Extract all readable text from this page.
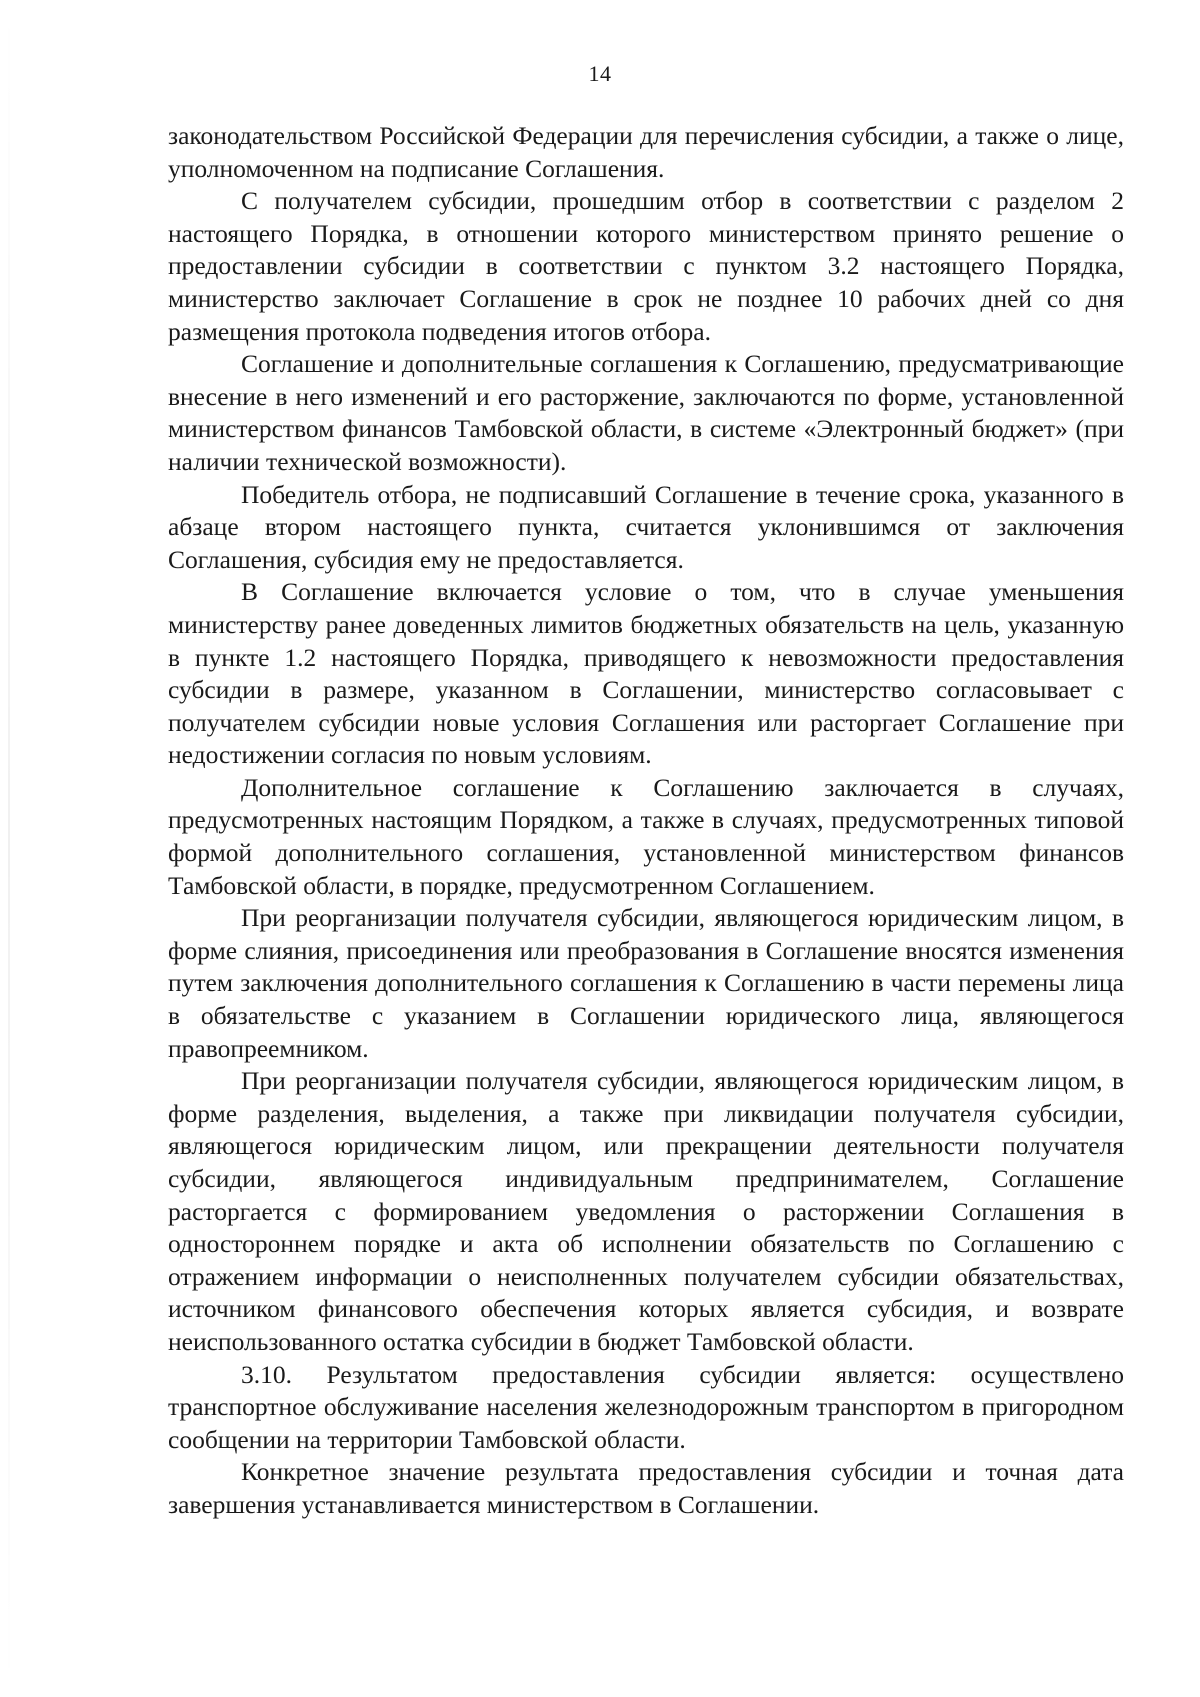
14

законодательством Российской Федерации для перечисления субсидии, а также о лице, уполномоченном на подписание Соглашения.

С получателем субсидии, прошедшим отбор в соответствии с разделом 2 настоящего Порядка, в отношении которого министерством принято решение о предоставлении субсидии в соответствии с пунктом 3.2 настоящего Порядка, министерство заключает Соглашение в срок не позднее 10 рабочих дней со дня размещения протокола подведения итогов отбора.

Соглашение и дополнительные соглашения к Соглашению, предусматривающие внесение в него изменений и его расторжение, заключаются по форме, установленной министерством финансов Тамбовской области, в системе «Электронный бюджет» (при наличии технической возможности).

Победитель отбора, не подписавший Соглашение в течение срока, указанного в абзаце втором настоящего пункта, считается уклонившимся от заключения Соглашения, субсидия ему не предоставляется.

В Соглашение включается условие о том, что в случае уменьшения министерству ранее доведенных лимитов бюджетных обязательств на цель, указанную в пункте 1.2 настоящего Порядка, приводящего к невозможности предоставления субсидии в размере, указанном в Соглашении, министерство согласовывает с получателем субсидии новые условия Соглашения или расторгает Соглашение при недостижении согласия по новым условиям.

Дополнительное соглашение к Соглашению заключается в случаях, предусмотренных настоящим Порядком, а также в случаях, предусмотренных типовой формой дополнительного соглашения, установленной министерством финансов Тамбовской области, в порядке, предусмотренном Соглашением.

При реорганизации получателя субсидии, являющегося юридическим лицом, в форме слияния, присоединения или преобразования в Соглашение вносятся изменения путем заключения дополнительного соглашения к Соглашению в части перемены лица в обязательстве с указанием в Соглашении юридического лица, являющегося правопреемником.

При реорганизации получателя субсидии, являющегося юридическим лицом, в форме разделения, выделения, а также при ликвидации получателя субсидии, являющегося юридическим лицом, или прекращении деятельности получателя субсидии, являющегося индивидуальным предпринимателем, Соглашение расторгается с формированием уведомления о расторжении Соглашения в одностороннем порядке и акта об исполнении обязательств по Соглашению с отражением информации о неисполненных получателем субсидии обязательствах, источником финансового обеспечения которых является субсидия, и возврате неиспользованного остатка субсидии в бюджет Тамбовской области.

3.10. Результатом предоставления субсидии является: осуществлено транспортное обслуживание населения железнодорожным транспортом в пригородном сообщении на территории Тамбовской области.

Конкретное значение результата предоставления субсидии и точная дата завершения устанавливается министерством в Соглашении.
